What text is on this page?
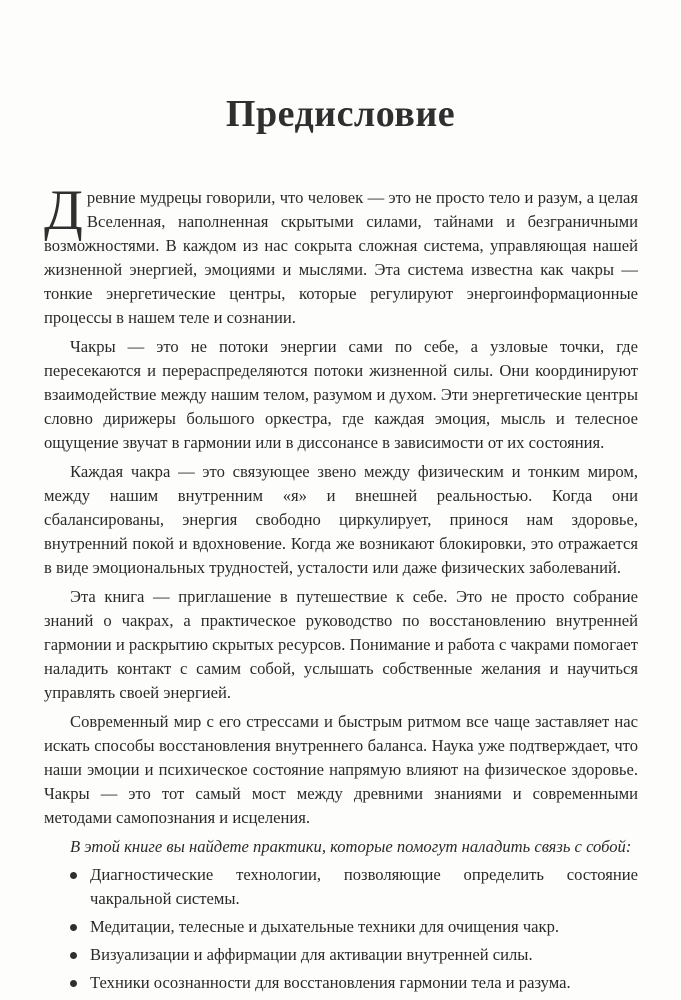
Предисловие

Древние мудрецы говорили, что человек — это не просто тело и разум, а целая Вселенная, наполненная скрытыми силами, тайнами и безграничными возможностями. В каждом из нас сокрыта сложная система, управляющая нашей жизненной энергией, эмоциями и мыслями. Эта система известна как чакры — тонкие энергетические центры, которые регулируют энергоинформационные процессы в нашем теле и сознании.

Чакры — это не потоки энергии сами по себе, а узловые точки, где пересекаются и перераспределяются потоки жизненной силы. Они координируют взаимодействие между нашим телом, разумом и духом. Эти энергетические центры словно дирижеры большого оркестра, где каждая эмоция, мысль и телесное ощущение звучат в гармонии или в диссонансе в зависимости от их состояния.

Каждая чакра — это связующее звено между физическим и тонким миром, между нашим внутренним «я» и внешней реальностью. Когда они сбалансированы, энергия свободно циркулирует, принося нам здоровье, внутренний покой и вдохновение. Когда же возникают блокировки, это отражается в виде эмоциональных трудностей, усталости или даже физических заболеваний.

Эта книга — приглашение в путешествие к себе. Это не просто собрание знаний о чакрах, а практическое руководство по восстановлению внутренней гармонии и раскрытию скрытых ресурсов. Понимание и работа с чакрами помогает наладить контакт с самим собой, услышать собственные желания и научиться управлять своей энергией.

Современный мир с его стрессами и быстрым ритмом все чаще заставляет нас искать способы восстановления внутреннего баланса. Наука уже подтверждает, что наши эмоции и психическое состояние напрямую влияют на физическое здоровье. Чакры — это тот самый мост между древними знаниями и современными методами самопознания и исцеления.

В этой книге вы найдете практики, которые помогут наладить связь с собой:

Диагностические технологии, позволяющие определить состояние чакральной системы.
Медитации, телесные и дыхательные техники для очищения чакр.
Визуализации и аффирмации для активации внутренней силы.
Техники осознанности для восстановления гармонии тела и разума.
